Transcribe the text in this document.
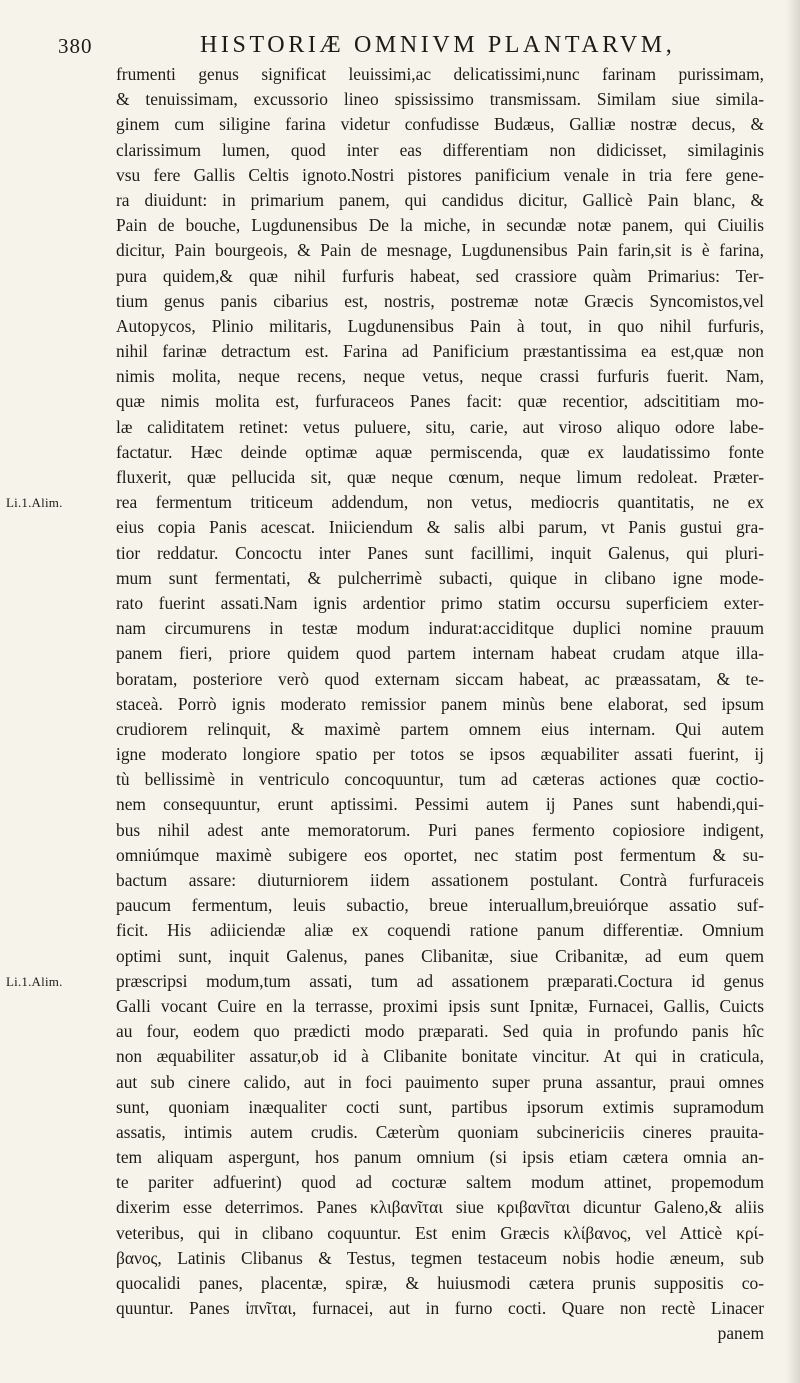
380	HISTORIÆ OMNIVM PLANTARVM,
frumenti genus significat leuissimi,ac delicatissimi,nunc farinam purissimam,
& tenuissimam, excussorio lineo spississimo transmissam. Similam siue simila-
ginem cum siligine farina videtur confudisse Budæus, Galliæ nostræ decus, &
clarissimum lumen, quod inter eas differentiam non didicisset, similaginis
vsu fere Gallis Celtis ignoto.Nostri pistores panificium venale in tria fere gene-
ra diuidunt: in primarium panem, qui candidus dicitur, Gallicè Pain blanc, &
Pain de bouche, Lugdunensibus De la miche, in secundæ notæ panem, qui Ciuilis
dicitur, Pain bourgeois, & Pain de mesnage, Lugdunensibus Pain farin,sit is è farina,
pura quidem,& quæ nihil furfuris habeat, sed crassiore quàm Primarius: Ter-
tium genus panis cibarius est, nostris, postremæ notæ Græcis Syncomistos,vel
Autopycos, Plinio militaris, Lugdunensibus Pain à tout, in quo nihil furfuris,
nihil farinæ detractum est. Farina ad Panificium præstantissima ea est,quæ non
nimis molita, neque recens, neque vetus, neque crassi furfuris fuerit. Nam,
quæ nimis molita est, furfuraceos Panes facit: quæ recentior, adscititiam mo-
læ caliditatem retinet: vetus puluere, situ, carie, aut viroso aliquo odore labe-
factatur. Hæc deinde optimæ aquæ permiscenda, quæ ex laudatissimo fonte
fluxerit, quæ pellucida sit, quæ neque cœnum, neque limum redoleat. Præter-
rea fermentum triticeum addendum, non vetus, mediocris quantitatis, ne ex
eius copia Panis acescat. Iniiciendum & salis albi parum, vt Panis gustui gra-
tior reddatur. Concoctu inter Panes sunt facillimi, inquit Galenus, qui pluri-
mum sunt fermentati, & pulcherrimè subacti, quique in clibano igne mode-
rato fuerint assati.Nam ignis ardentior primo statim occursu superficiem exter-
nam circumurens in testæ modum indurat:acciditque duplici nomine prauum
panem fieri, priore quidem quod partem internam habeat crudam atque illa-
boratam, posteriore verò quod externam siccam habeat, ac præassatam, & te-
staceà. Porrò ignis moderato remissior panem minùs bene elaborat, sed ipsum
crudiorem relinquit, & maximè partem omnem eius internam. Qui autem
igne moderato longiore spatio per totos se ipsos æquabiliter assati fuerint, ij
tù bellissimè in ventriculo concoquuntur, tum ad cæteras actiones quæ coctio-
nem consequuntur, erunt aptissimi. Pessimi autem ij Panes sunt habendi,qui-
bus nihil adest ante memoratorum. Puri panes fermento copiosiore indigent,
omniúmque maximè subigere eos oportet, nec statim post fermentum & su-
bactum assare: diuturniorem iidem assationem postulant. Contrà furfuraceis
paucum fermentum, leuis subactio, breue interuallum,breuiórque assatio suf-
ficit. His adiiciendæ aliæ ex coquendi ratione panum differentiæ. Omnium
optimi sunt, inquit Galenus, panes Clibanitæ, siue Cribanitæ, ad eum quem
præscripsi modum,tum assati, tum ad assationem præparati.Coctura id genus
Galli vocant Cuire en la terrasse, proximi ipsis sunt Ipnitæ, Furnacei, Gallis, Cuicts
au four, eodem quo prædicti modo præparati. Sed quia in profundo panis hîc
non æquabiliter assatur,ob id à Clibanite bonitate vincitur. At qui in craticula,
aut sub cinere calido, aut in foci pauimento super pruna assantur, praui omnes
sunt, quoniam inæqualiter cocti sunt, partibus ipsorum extimis supramodum
assatis, intimis autem crudis. Cæterùm quoniam subcinericiis cineres prauita-
tem aliquam aspergunt, hos panum omnium (si ipsis etiam cætera omnia an-
te pariter adfuerint) quod ad cocturæ saltem modum attinet, propemodum
dixerim esse deterrimos. Panes κλιβανῖται siue κριβανῖται dicuntur Galeno,& aliis
veteribus, qui in clibano coquuntur. Est enim Græcis κλίβανος, vel Atticè κρί-
βανος, Latinis Clibanus & Testus, tegmen testaceum nobis hodie æneum, sub
quocalidi panes, placentæ, spiræ, & huiusmodi cætera prunis suppositis co-
quuntur. Panes ἰπνῖται, furnacei, aut in furno cocti. Quare non rectè Linacer
panem
Li.1.Alim.
Li.1.Alim.
